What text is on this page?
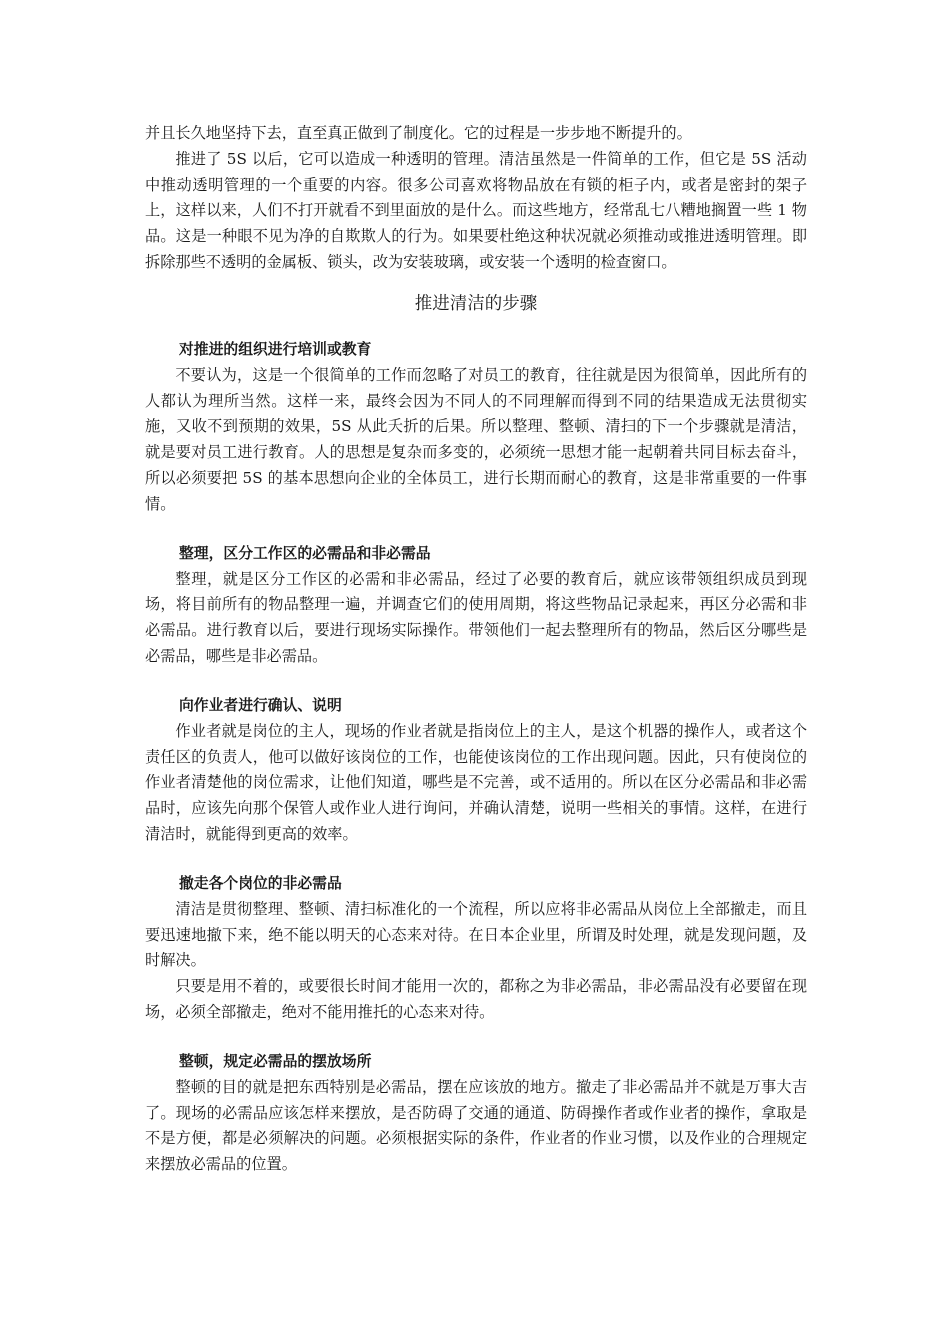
并且长久地坚持下去，直至真正做到了制度化。它的过程是一步步地不断提升的。

推进了 5S 以后，它可以造成一种透明的管理。清洁虽然是一件简单的工作，但它是 5S 活动中推动透明管理的一个重要的内容。很多公司喜欢将物品放在有锁的柜子内，或者是密封的架子上，这样以来，人们不打开就看不到里面放的是什么。而这些地方，经常乱七八糟地搁置一些 1 物品。这是一种眼不见为净的自欺欺人的行为。如果要杜绝这种状况就必须推动或推进透明管理。即拆除那些不透明的金属板、锁头，改为安装玻璃，或安装一个透明的检查窗口。

推进清洁的步骤
对推进的组织进行培训或教育

不要认为，这是一个很简单的工作而忽略了对员工的教育，往往就是因为很简单，因此所有的人都认为理所当然。这样一来，最终会因为不同人的不同理解而得到不同的结果造成无法贯彻实施，又收不到预期的效果，5S 从此夭折的后果。所以整理、整顿、清扫的下一个步骤就是清洁，就是要对员工进行教育。人的思想是复杂而多变的，必须统一思想才能一起朝着共同目标去奋斗，所以必须要把 5S 的基本思想向企业的全体员工，进行长期而耐心的教育，这是非常重要的一件事情。

整理，区分工作区的必需品和非必需品

整理，就是区分工作区的必需和非必需品，经过了必要的教育后，就应该带领组织成员到现场，将目前所有的物品整理一遍，并调查它们的使用周期，将这些物品记录起来，再区分必需和非必需品。进行教育以后，要进行现场实际操作。带领他们一起去整理所有的物品，然后区分哪些是必需品，哪些是非必需品。

向作业者进行确认、说明

作业者就是岗位的主人，现场的作业者就是指岗位上的主人，是这个机器的操作人，或者这个责任区的负责人，他可以做好该岗位的工作，也能使该岗位的工作出现问题。因此，只有使岗位的作业者清楚他的岗位需求，让他们知道，哪些是不完善，或不适用的。所以在区分必需品和非必需品时，应该先向那个保管人或作业人进行询问，并确认清楚，说明一些相关的事情。这样，在进行清洁时，就能得到更高的效率。

撤走各个岗位的非必需品

清洁是贯彻整理、整顿、清扫标准化的一个流程，所以应将非必需品从岗位上全部撤走，而且要迅速地撤下来，绝不能以明天的心态来对待。在日本企业里，所谓及时处理，就是发现问题，及时解决。

只要是用不着的，或要很长时间才能用一次的，都称之为非必需品，非必需品没有必要留在现场，必须全部撤走，绝对不能用推托的心态来对待。

整顿，规定必需品的摆放场所

整顿的目的就是把东西特别是必需品，摆在应该放的地方。撤走了非必需品并不就是万事大吉了。现场的必需品应该怎样来摆放，是否防碍了交通的通道、防碍操作者或作业者的操作，拿取是不是方便，都是必须解决的问题。必须根据实际的条件，作业者的作业习惯，以及作业的合理规定来摆放必需品的位置。
